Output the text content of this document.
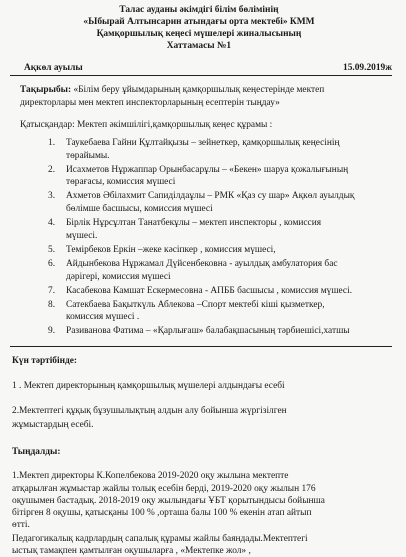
Талас ауданы әкімдігі білім бөлімінің
«Ыбырай Алтынсарин атындағы орта мектебі» КММ
Қамқоршылық кеңесі мүшелері жиналысының
Хаттамасы №1
Ақкөл ауылы	15.09.2019ж
Тақырыбы: «Білім беру ұйымдарының қамқоршылық кеңестерінде мектеп
директорлары мен мектеп инспекторларының есептерін тыңдау»
Қатысқандар: Мектеп әкімшілігі,қамқоршылық кеңес құрамы :
1. Таукебаева Гайни Құлтайқызы – зейнеткер, қамқоршылық кеңесінің
төрайымы.
2. Исахметов Нұржаппар Орынбасарұлы – «Бекен» шаруа қожалығының
төрағасы, комиссия мүшесі
3. Ахметов Әбілахмит Сапиділдаұлы – РМК «Қаз су шар» Ақкөл ауылдық
бөлімше басшысы, комиссия мүшесі
4. Бірлік Нұрсұлтан Танатбекұлы – мектеп инспекторы , комиссия
мүшесі.
5. Темірбеков Еркін –жеке кәсіпкер , комиссия мүшесі,
6. Айдынбекова Нұржамал Дүйсенбековна - ауылдық амбулатория бас
дәрігері, комиссия мүшесі
7. Касабекова Камшат Ескермесовна - АПББ басшысы , комиссия мүшесі.
8. Сатекбаева Бақыткүль Аблекова –Спорт мектебі кіші қызметкер,
комиссия мүшесі .
9. Разиванова Фатима – «Қарлығаш» балабақшасының тәрбиешісі,хатшы
Күн тәртібінде:
1 . Мектеп директорының қамқоршылық мүшелері алдындағы есебі
2.Мектептегі құқық бұзушылықтың алдын алу бойынша жүргізілген
жұмыстардың есебі.
Тыңдалды:
1.Мектеп директоры К.Копелбекова 2019-2020 оқу жылына мектепте
атқарылған жұмыстар жайлы толық есебін берді, 2019-2020 оқу жылын 176
оқушымен бастадық. 2018-2019 оқу жылындағы ҰБТ қорытындысы бойынша
бітірген 8 оқушы, қатысқаны 100 % ,орташа балы 100 % екенін атап айтып
өтті.
Педагогикалық кадрлардың сапалық құрамы жайлы баяндады.Мектептегі
ыстық тамақпен қамтылған оқушыларға , «Мектепке жол» ,
